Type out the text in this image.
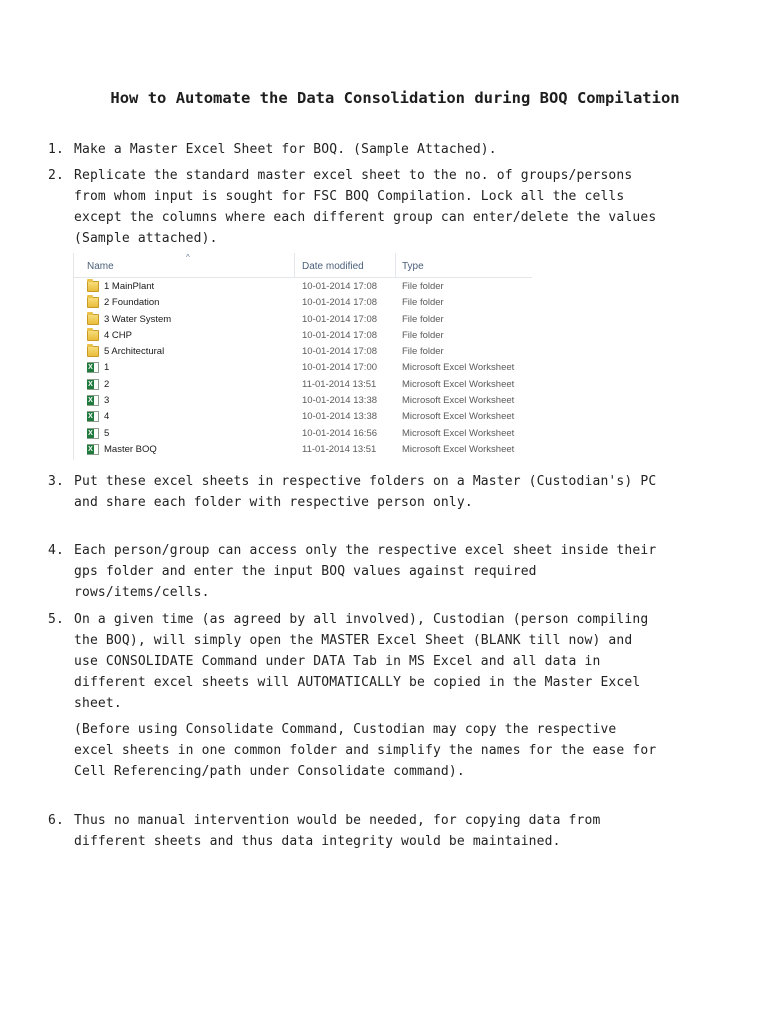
How to Automate the Data Consolidation during BOQ Compilation
1. Make a Master Excel Sheet for BOQ. (Sample Attached).
2. Replicate the standard master excel sheet to the no. of groups/persons from whom input is sought for FSC BOQ Compilation. Lock all the cells except the columns where each different group can enter/delete the values (Sample attached).
^
Name	Date modified	Type
1 MainPlant	10-01-2014 17:08	File folder
2 Foundation	10-01-2014 17:08	File folder
3 Water System	10-01-2014 17:08	File folder
4 CHP	10-01-2014 17:08	File folder
5 Architectural	10-01-2014 17:08	File folder
X
1	10-01-2014 17:00	Microsoft Excel Worksheet
X
2	11-01-2014 13:51	Microsoft Excel Worksheet
X
3	10-01-2014 13:38	Microsoft Excel Worksheet
X
4	10-01-2014 13:38	Microsoft Excel Worksheet
X
5	10-01-2014 16:56	Microsoft Excel Worksheet
X
Master BOQ	11-01-2014 13:51	Microsoft Excel Worksheet
3. Put these excel sheets in respective folders on a Master (Custodian's) PC and share each folder with respective person only.
4. Each person/group can access only the respective excel sheet inside their gps folder and enter the input BOQ values against required rows/items/cells.
5. On a given time (as agreed by all involved), Custodian (person compiling the BOQ), will simply open the MASTER Excel Sheet (BLANK till now) and use CONSOLIDATE Command under DATA Tab in MS Excel and all data in different excel sheets will AUTOMATICALLY be copied in the Master Excel sheet.
(Before using Consolidate Command, Custodian may copy the respective excel sheets in one common folder and simplify the names for the ease for Cell Referencing/path under Consolidate command).
6. Thus no manual intervention would be needed, for copying data from different sheets and thus data integrity would be maintained.
